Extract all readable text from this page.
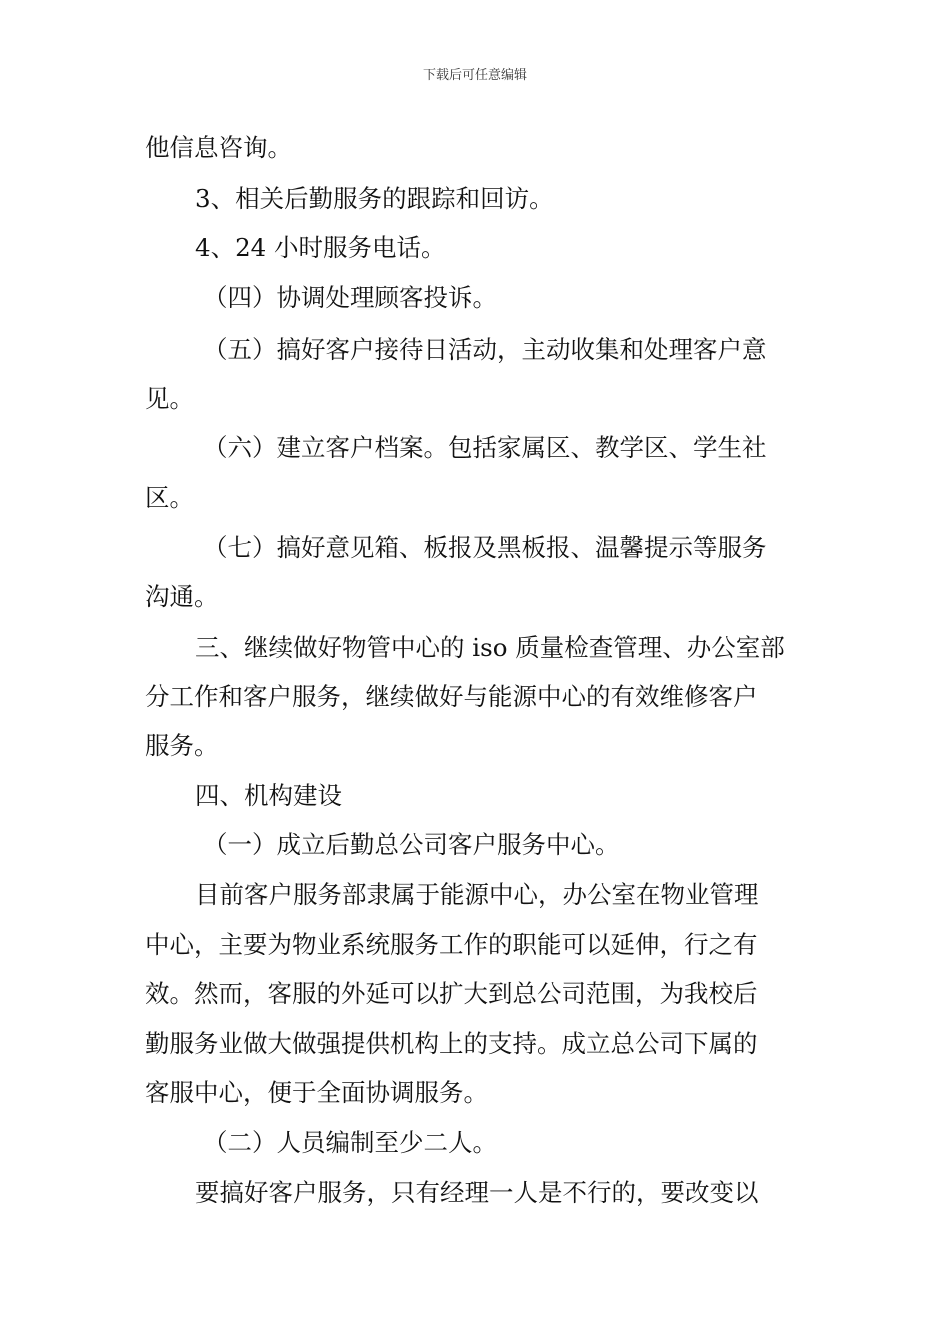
下载后可任意编辑
他信息咨询。
3、相关后勤服务的跟踪和回访。
4、24 小时服务电话。
（四）协调处理顾客投诉。
（五）搞好客户接待日活动，主动收集和处理客户意
见。
（六）建立客户档案。包括家属区、教学区、学生社
区。
（七）搞好意见箱、板报及黑板报、温馨提示等服务
沟通。
三、继续做好物管中心的 iso 质量检查管理、办公室部
分工作和客户服务，继续做好与能源中心的有效维修客户
服务。
四、机构建设
（一）成立后勤总公司客户服务中心。
目前客户服务部隶属于能源中心，办公室在物业管理
中心，主要为物业系统服务工作的职能可以延伸，行之有
效。然而，客服的外延可以扩大到总公司范围，为我校后
勤服务业做大做强提供机构上的支持。成立总公司下属的
客服中心，便于全面协调服务。
（二）人员编制至少二人。
要搞好客户服务，只有经理一人是不行的，要改变以
